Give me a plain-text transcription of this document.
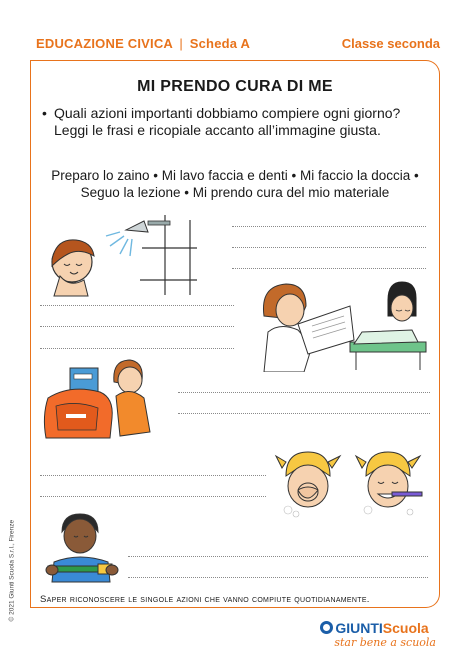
EDUCAZIONE CIVICA | Scheda A	Classe seconda
MI PRENDO CURA DI ME
• Quali azioni importanti dobbiamo compiere ogni giorno? Leggi le frasi e ricopiale accanto all’immagine giusta.
Preparo lo zaino • Mi lavo faccia e denti • Mi faccio la doccia •
Seguo la lezione • Mi prendo cura del mio materiale
Saper riconoscere le singole azioni che vanno compiute quotidianamente.
© 2021 Giunti Scuola S.r.l., Firenze
GIUNTIScuola
star bene a scuola
